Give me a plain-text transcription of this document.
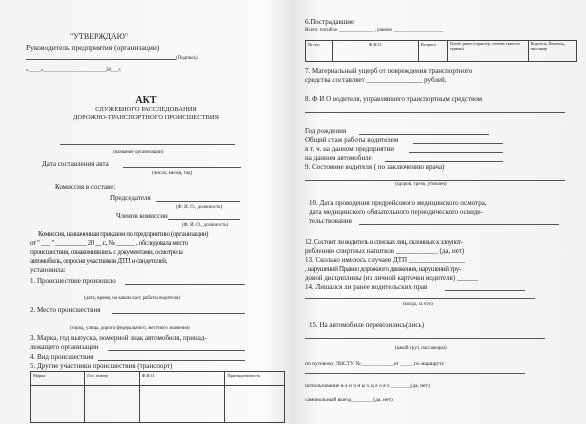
"УТВЕРЖДАЮ"
Руководитель предприятия (организации)
(Подпись)
«_____»_________________________20___г.
АКТ
СЛУЖЕБНОГО РАССЛЕДОВАНИЯ
ДОРОЖНО-ТРАНСПОРТНОГО ПРОИСШЕСТВИЯ
(название организации)
Дата составления акта
(число, месяц, год)
Комиссия в составе:
Председателя
(Ф. И. О., должность)
Членов комиссии
(Ф. И. О., должность)
Комиссия, назначенная приказом по предприятию (организации)
от " ___ " __________ 20 __ г., № ______ , обследовала место
происшествия, ознакомившись с документами, осмотрела
автомобиль, опросив участников ДТП и свидетелей,
установила:
1. Происшествие произошло
(дата, время, на каком часу работы водителя)
2. Место происшествия
(город, улица, дорога федерального, местного значения)
3. Марка, год выпуска, номерной знак автомобиля, принад-
лежащего организации
4. Вид происшествия
5. Другие участники происшествия (транспорт)
Марка	Гос. номер	Ф.И.О.	Принадлежность

6.Пострадавшие
Всего: погибло ______________ , ранено ____________________
№ п/п	Ф.И.О.	Возраст	Погиб, ранен (характер, степень тяжести травмы)	Водитель, Пешеход, пассажир
7. Материальный ущерб от повреждения транспортного
средства составляет ________________ рублей.
8. Ф И О водителя, управлявшего транспортным средством
Год рождения
Общий стаж работы водителем
в т. ч. на данном предприятии
на данном автомобиле
9. Состояние водителя ( по заключению врача)
(здоров, трезв, утомлен)
10. Дата проведения предрейсового медицинского осмотра,
дата медицинского обязательного периодического освиде-
тельствования
12. Состоит ли водитель в списках лиц, склонных к злоупот-
реблению спиртных напитков ____________ (да, нет)
13. Сколько имелось случаев ДТП ________________
, нарушений Правил дорожного движения, нарушений тру-
довой дисциплины (из личной карточки водителя) ______
14. Лишался ли ранее водительских прав
(когда, за что)
15. На автомобиле перевозились(лись)
(какой груз, пассажиры)
по путевому ЛИСТУ №____________от _____по маршруту
использование в л и ч н ы х ц е л я х _______(да, нет)
самовольный выезд________(да, нет)
